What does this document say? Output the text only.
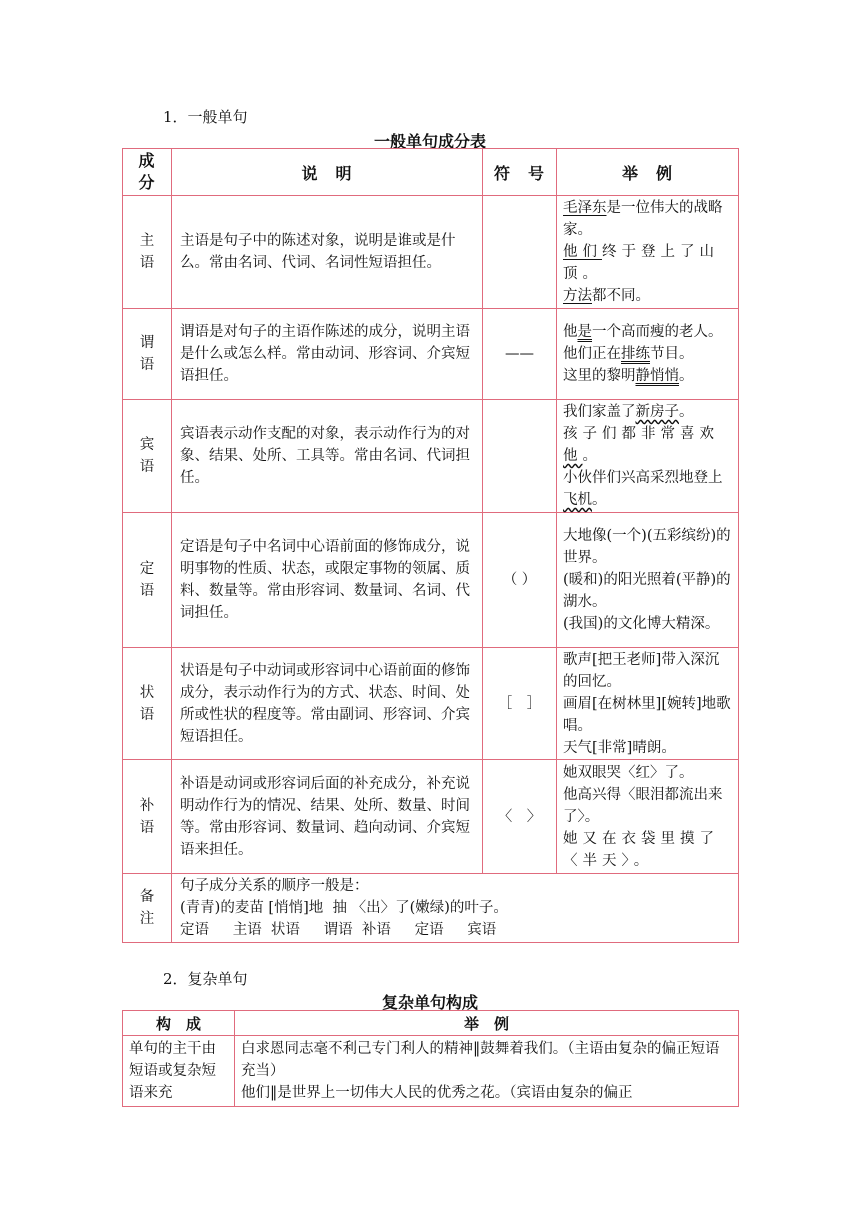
1．一般单句
一般单句成分表
成分	说　明	符　号	举　例

主语	主语是句子中的陈述对象，说明是谁或是什么。常由名词、代词、名词性短语担任。		毛泽东是一位伟大的战略家。
他们终于登上了山顶。
方法都不同。

谓语	谓语是对句子的主语作陈述的成分，说明主语是什么或怎么样。常由动词、形容词、介宾短语担任。	——	他是一个高而瘦的老人。
他们正在排练节目。
这里的黎明静悄悄。

宾语	宾语表示动作支配的对象，表示动作行为的对象、结果、处所、工具等。常由名词、代词担任。		我们家盖了新房子。
孩子们都非常喜欢他。
小伙伴们兴高采烈地登上飞机。

定语	定语是句子中名词中心语前面的修饰成分，说明事物的性质、状态，或限定事物的领属、质料、数量等。常由形容词、数量词、名词、代词担任。	（ ）	大地像(一个)(五彩缤纷)的世界。
(暖和)的阳光照着(平静)的湖水。
(我国)的文化博大精深。

状语	状语是句子中动词或形容词中心语前面的修饰成分，表示动作行为的方式、状态、时间、处所或性状的程度等。常由副词、形容词、介宾短语担任。	［　］	歌声[把王老师]带入深沉的回忆。
画眉[在树林里][婉转]地歌唱。
天气[非常]晴朗。

补语	补语是动词或形容词后面的补充成分，补充说明动作行为的情况、结果、处所、数量、时间等。常由形容词、数量词、趋向动词、介宾短语来担任。	〈　〉	她双眼哭〈红〉了。
他高兴得〈眼泪都流出来了〉。
她又在衣袋里摸了〈半天〉。

备注	句子成分关系的顺序一般是：
(青青)的麦苗 [悄悄]地  抽 〈出〉了(嫩绿)的叶子。
定语　  主语  状语　  谓语  补语　  定语　  宾语		
2．复杂单句
复杂单句构成
构　成	举　例
单句的主干由短语或复杂短语来充	白求恩同志毫不利己专门利人的精神‖鼓舞着我们。（主语由复杂的偏正短语充当）
他们‖是世界上一切伟大人民的优秀之花。（宾语由复杂的偏正
